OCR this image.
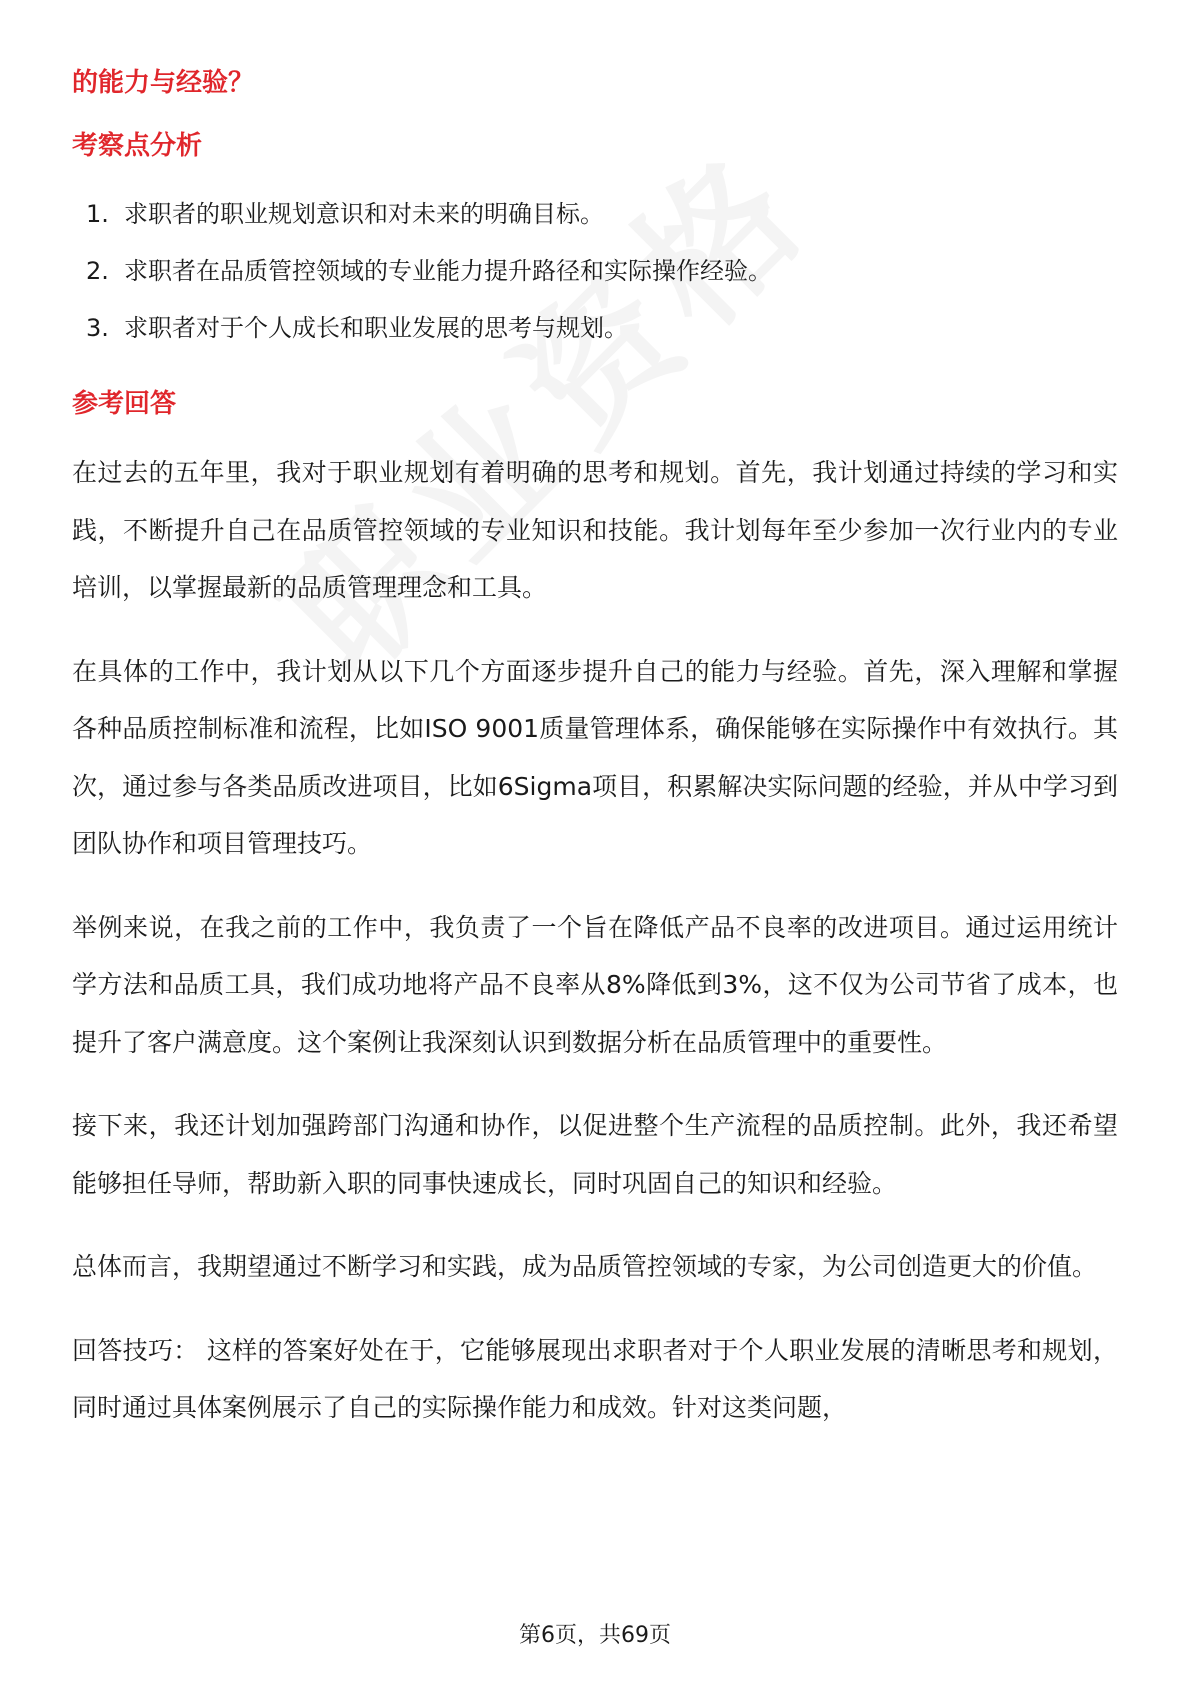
的能力与经验？

考察点分析

1. 求职者的职业规划意识和对未来的明确目标。
2. 求职者在品质管控领域的专业能力提升路径和实际操作经验。
3. 求职者对于个人成长和职业发展的思考与规划。

参考回答

在过去的五年里，我对于职业规划有着明确的思考和规划。首先，我计划通过持续的学习和实践，不断提升自己在品质管控领域的专业知识和技能。我计划每年至少参加一次行业内的专业培训，以掌握最新的品质管理理念和工具。

在具体的工作中，我计划从以下几个方面逐步提升自己的能力与经验。首先，深入理解和掌握各种品质控制标准和流程，比如ISO 9001质量管理体系，确保能够在实际操作中有效执行。其次，通过参与各类品质改进项目，比如6Sigma项目，积累解决实际问题的经验，并从中学习到团队协作和项目管理技巧。

举例来说，在我之前的工作中，我负责了一个旨在降低产品不良率的改进项目。通过运用统计学方法和品质工具，我们成功地将产品不良率从8%降低到3%，这不仅为公司节省了成本，也提升了客户满意度。这个案例让我深刻认识到数据分析在品质管理中的重要性。

接下来，我还计划加强跨部门沟通和协作，以促进整个生产流程的品质控制。此外，我还希望能够担任导师，帮助新入职的同事快速成长，同时巩固自己的知识和经验。

总体而言，我期望通过不断学习和实践，成为品质管控领域的专家，为公司创造更大的价值。

回答技巧： 这样的答案好处在于，它能够展现出求职者对于个人职业发展的清晰思考和规划，同时通过具体案例展示了自己的实际操作能力和成效。针对这类问题，

第6页，共69页
